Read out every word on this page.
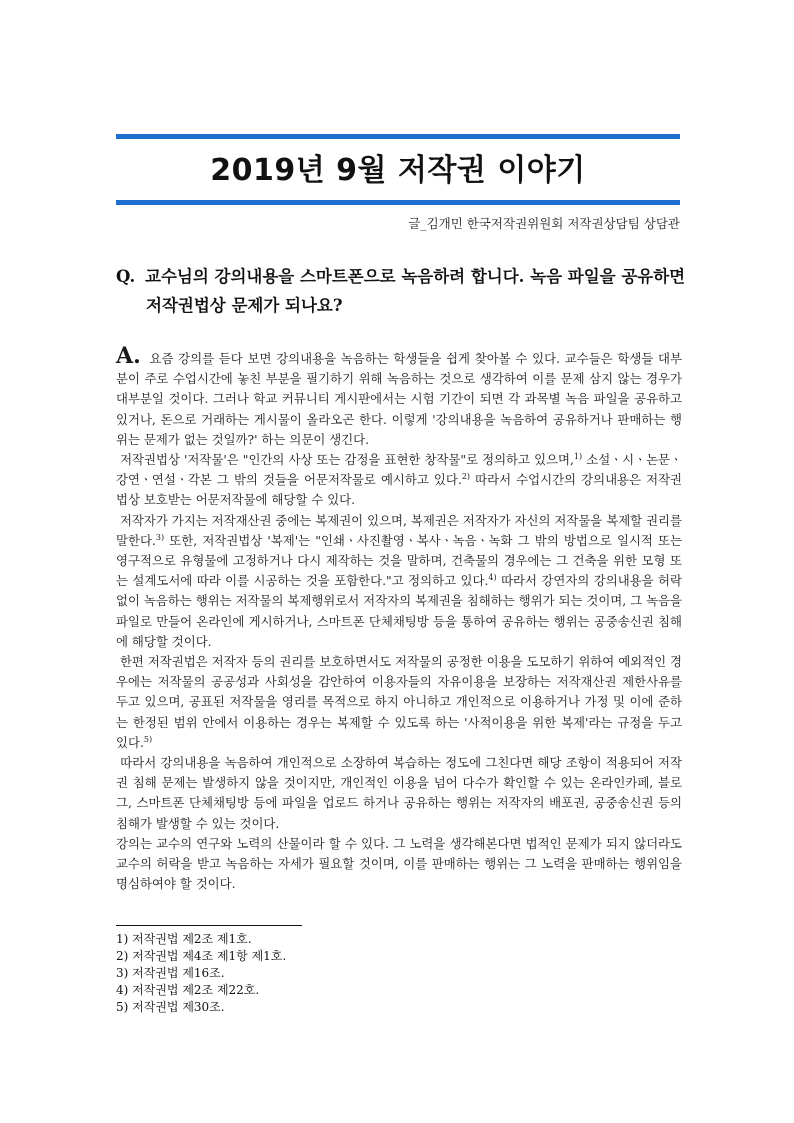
2019년 9월 저작권 이야기
글_김개민 한국저작권위원회 저작권상담팀 상담관
Q. 교수님의 강의내용을 스마트폰으로 녹음하려 합니다. 녹음 파일을 공유하면
저작권법상 문제가 되나요?

A. 요즘 강의를 듣다 보면 강의내용을 녹음하는 학생들을 쉽게 찾아볼 수 있다. 교수들은 학생들 대부분이 주로 수업시간에 놓친 부분을 필기하기 위해 녹음하는 것으로 생각하여 이를 문제 삼지 않는 경우가 대부분일 것이다. 그러나 학교 커뮤니티 게시판에서는 시험 기간이 되면 각 과목별 녹음 파일을 공유하고 있거나, 돈으로 거래하는 게시물이 올라오곤 한다. 이렇게 '강의내용을 녹음하여 공유하거나 판매하는 행위는 문제가 없는 것일까?' 하는 의문이 생긴다.

저작권법상 '저작물'은 "인간의 사상 또는 감정을 표현한 창작물"로 정의하고 있으며,$^{1)}$ 소설ㆍ시ㆍ논문ㆍ강연ㆍ연설ㆍ각본 그 밖의 것들을 어문저작물로 예시하고 있다.$^{2)}$ 따라서 수업시간의 강의내용은 저작권법상 보호받는 어문저작물에 해당할 수 있다.

저작자가 가지는 저작재산권 중에는 복제권이 있으며, 복제권은 저작자가 자신의 저작물을 복제할 권리를 말한다.$^{3)}$ 또한, 저작권법상 '복제'는 "인쇄ㆍ사진촬영ㆍ복사ㆍ녹음ㆍ녹화 그 밖의 방법으로 일시적 또는 영구적으로 유형물에 고정하거나 다시 제작하는 것을 말하며, 건축물의 경우에는 그 건축을 위한 모형 또는 설계도서에 따라 이를 시공하는 것을 포함한다."고 정의하고 있다.$^{4)}$ 따라서 강연자의 강의내용을 허락 없이 녹음하는 행위는 저작물의 복제행위로서 저작자의 복제권을 침해하는 행위가 되는 것이며, 그 녹음을 파일로 만들어 온라인에 게시하거나, 스마트폰 단체채팅방 등을 통하여 공유하는 행위는 공중송신권 침해에 해당할 것이다.

한편 저작권법은 저작자 등의 권리를 보호하면서도 저작물의 공정한 이용을 도모하기 위하여 예외적인 경우에는 저작물의 공공성과 사회성을 감안하여 이용자들의 자유이용을 보장하는 저작재산권 제한사유를 두고 있으며, 공표된 저작물을 영리를 목적으로 하지 아니하고 개인적으로 이용하거나 가정 및 이에 준하는 한정된 범위 안에서 이용하는 경우는 복제할 수 있도록 하는 '사적이용을 위한 복제'라는 규정을 두고 있다.$^{5)}$

따라서 강의내용을 녹음하여 개인적으로 소장하여 복습하는 정도에 그친다면 해당 조항이 적용되어 저작권 침해 문제는 발생하지 않을 것이지만, 개인적인 이용을 넘어 다수가 확인할 수 있는 온라인카페, 블로그, 스마트폰 단체채팅방 등에 파일을 업로드 하거나 공유하는 행위는 저작자의 배포권, 공중송신권 등의 침해가 발생할 수 있는 것이다.

강의는 교수의 연구와 노력의 산물이라 할 수 있다. 그 노력을 생각해본다면 법적인 문제가 되지 않더라도 교수의 허락을 받고 녹음하는 자세가 필요할 것이며, 이를 판매하는 행위는 그 노력을 판매하는 행위임을 명심하여야 할 것이다.

1) 저작권법 제2조 제1호.
2) 저작권법 제4조 제1항 제1호.
3) 저작권법 제16조.
4) 저작권법 제2조 제22호.
5) 저작권법 제30조.
